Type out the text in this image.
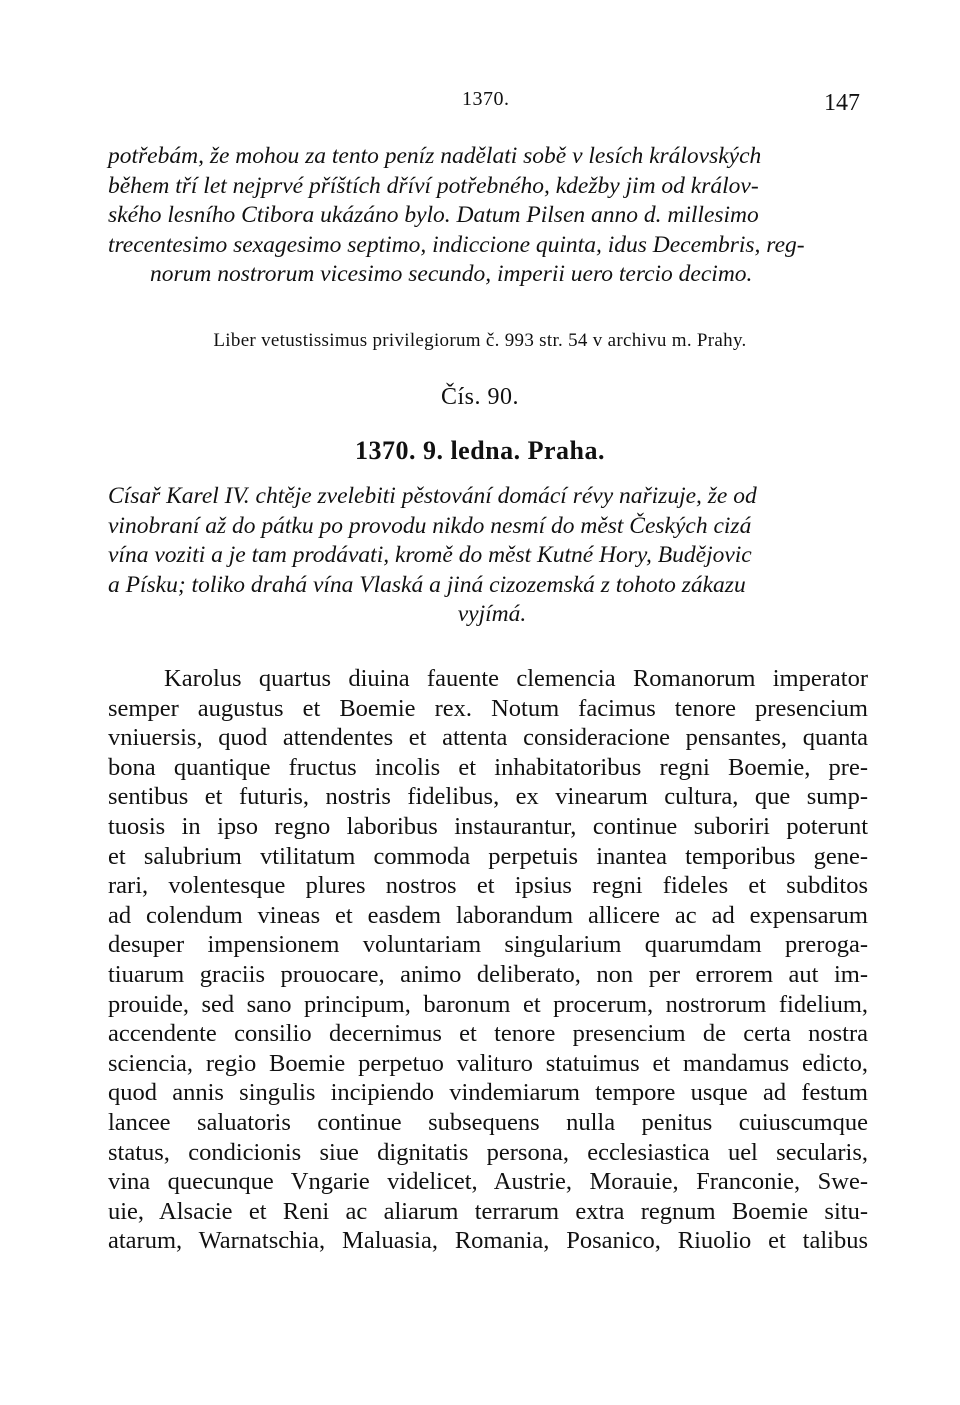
1370.	147
potřebám, že mohou za tento peníz nadělati sobě v lesích královských
během tří let nejprvé příštích dříví potřebného, kdežby jim od králov-
ského lesního Ctibora ukázáno bylo. Datum Pilsen anno d. millesimo
trecentesimo sexagesimo septimo, indiccione quinta, idus Decembris, reg-
norum nostrorum vicesimo secundo, imperii uero tercio decimo.
Liber vetustissimus privilegiorum č. 993 str. 54 v archivu m. Prahy.
Čís. 90.
1370. 9. ledna. Praha.
Císař Karel IV. chtěje zvelebiti pěstování domácí révy nařizuje, že od
vinobraní až do pátku po provodu nikdo nesmí do měst Českých cizá
vína voziti a je tam prodávati, kromě do měst Kutné Hory, Budějovic
a Písku; toliko drahá vína Vlaská a jiná cizozemská z tohoto zákazu
vyjímá.
Karolus quartus diuina fauente clemencia Romanorum imperator
semper augustus et Boemie rex. Notum facimus tenore presencium
vniuersis, quod attendentes et attenta consideracione pensantes, quanta
bona quantique fructus incolis et inhabitatoribus regni Boemie, pre-
sentibus et futuris, nostris fidelibus, ex vinearum cultura, que sump-
tuosis in ipso regno laboribus instaurantur, continue suboriri poterunt
et salubrium vtilitatum commoda perpetuis inantea temporibus gene-
rari, volentesque plures nostros et ipsius regni fideles et subditos
ad colendum vineas et easdem laborandum allicere ac ad expensarum
desuper impensionem voluntariam singularium quarumdam preroga-
tiuarum graciis prouocare, animo deliberato, non per errorem aut im-
prouide, sed sano principum, baronum et procerum, nostrorum fidelium,
accendente consilio decernimus et tenore presencium de certa nostra
sciencia, regio Boemie perpetuo valituro statuimus et mandamus edicto,
quod annis singulis incipiendo vindemiarum tempore usque ad festum
lancee saluatoris continue subsequens nulla penitus cuiuscumque
status, condicionis siue dignitatis persona, ecclesiastica uel secularis,
vina quecunque Vngarie videlicet, Austrie, Morauie, Franconie, Swe-
uie, Alsacie et Reni ac aliarum terrarum extra regnum Boemie situ-
atarum, Warnatschia, Maluasia, Romania, Posanico, Riuolio et talibus
